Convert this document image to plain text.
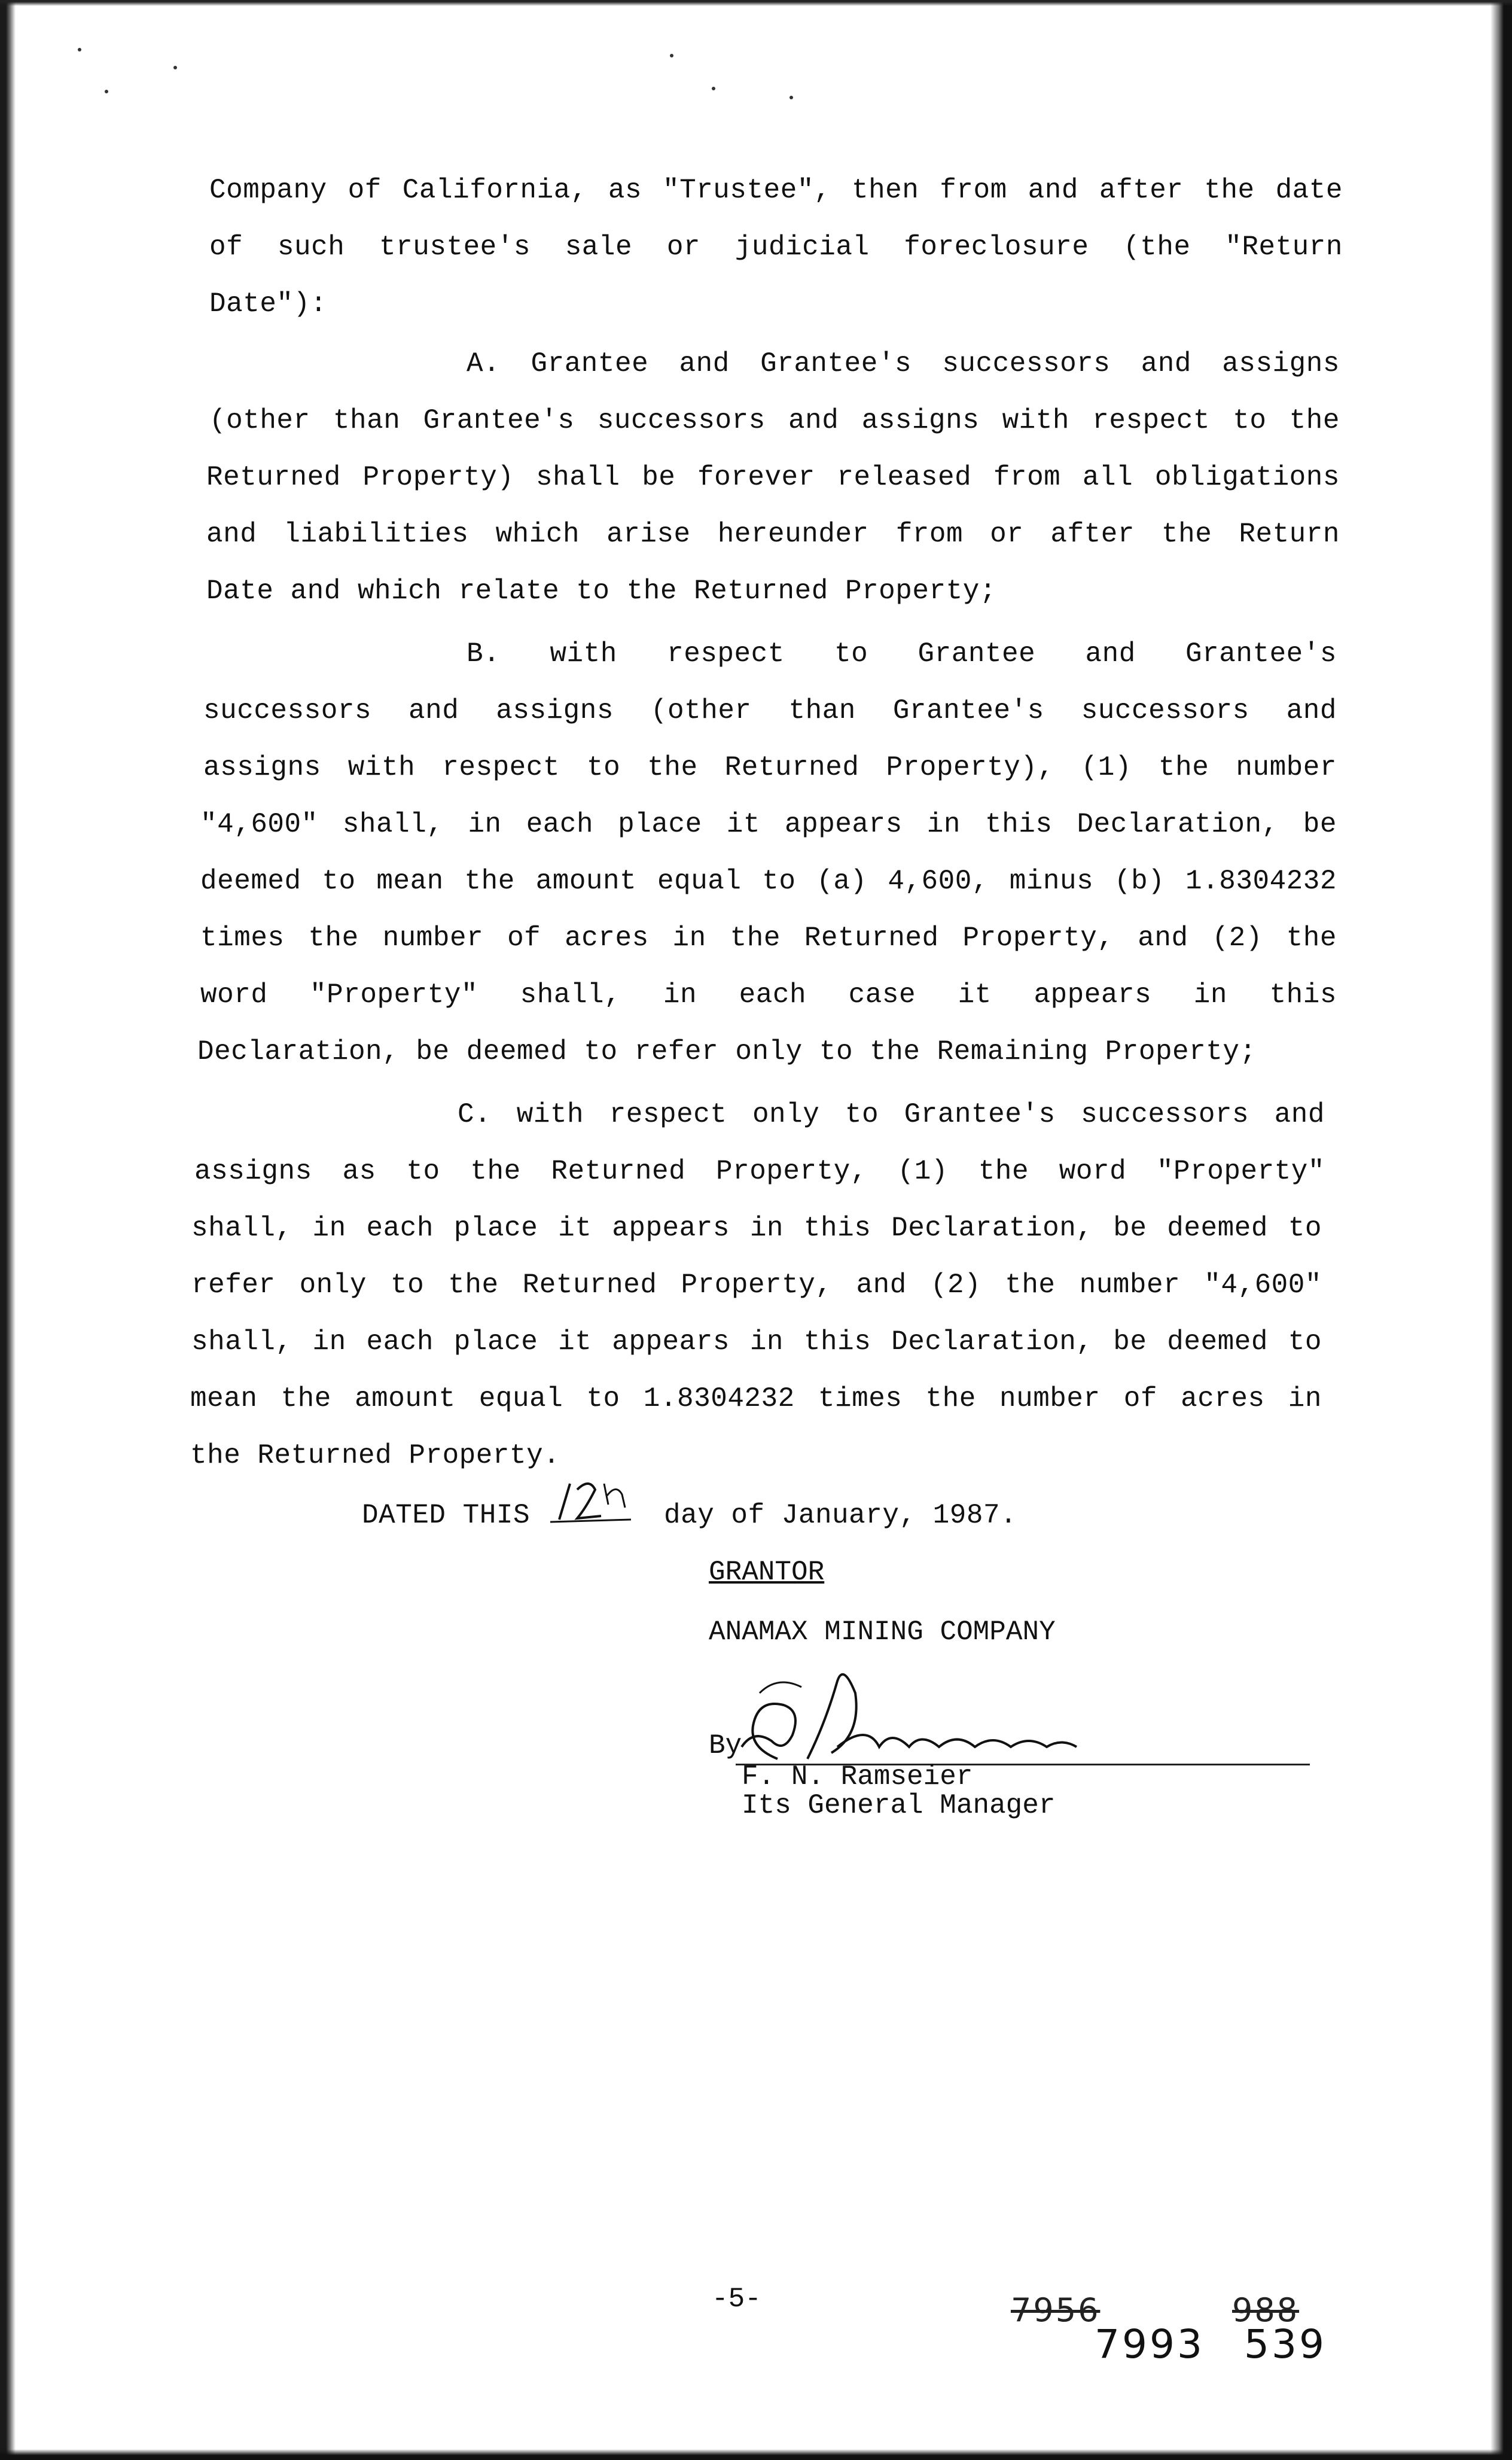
Company of California, as "Trustee", then from and after the date
of such trustee's sale or judicial foreclosure (the "Return
Date"):
A. Grantee and Grantee's successors and assigns
(other than Grantee's successors and assigns with respect to the
Returned Property) shall be forever released from all obligations
and liabilities which arise hereunder from or after the Return
Date and which relate to the Returned Property;
B. with respect to Grantee and Grantee's
successors and assigns (other than Grantee's successors and
assigns with respect to the Returned Property), (1) the number
"4,600" shall, in each place it appears in this Declaration, be
deemed to mean the amount equal to (a) 4,600, minus (b) 1.8304232
times the number of acres in the Returned Property, and (2) the
word "Property" shall, in each case it appears in this
Declaration, be deemed to refer only to the Remaining Property;
C. with respect only to Grantee's successors and
assigns as to the Returned Property, (1) the word "Property"
shall, in each place it appears in this Declaration, be deemed to
refer only to the Returned Property, and (2) the number "4,600"
shall, in each place it appears in this Declaration, be deemed to
mean the amount equal to 1.8304232 times the number of acres in
the Returned Property.
DATED THIS	day of January, 1987.
GRANTOR
ANAMAX MINING COMPANY
By
F. N. Ramseier
Its General Manager
-5-	7956	988
7993 539
